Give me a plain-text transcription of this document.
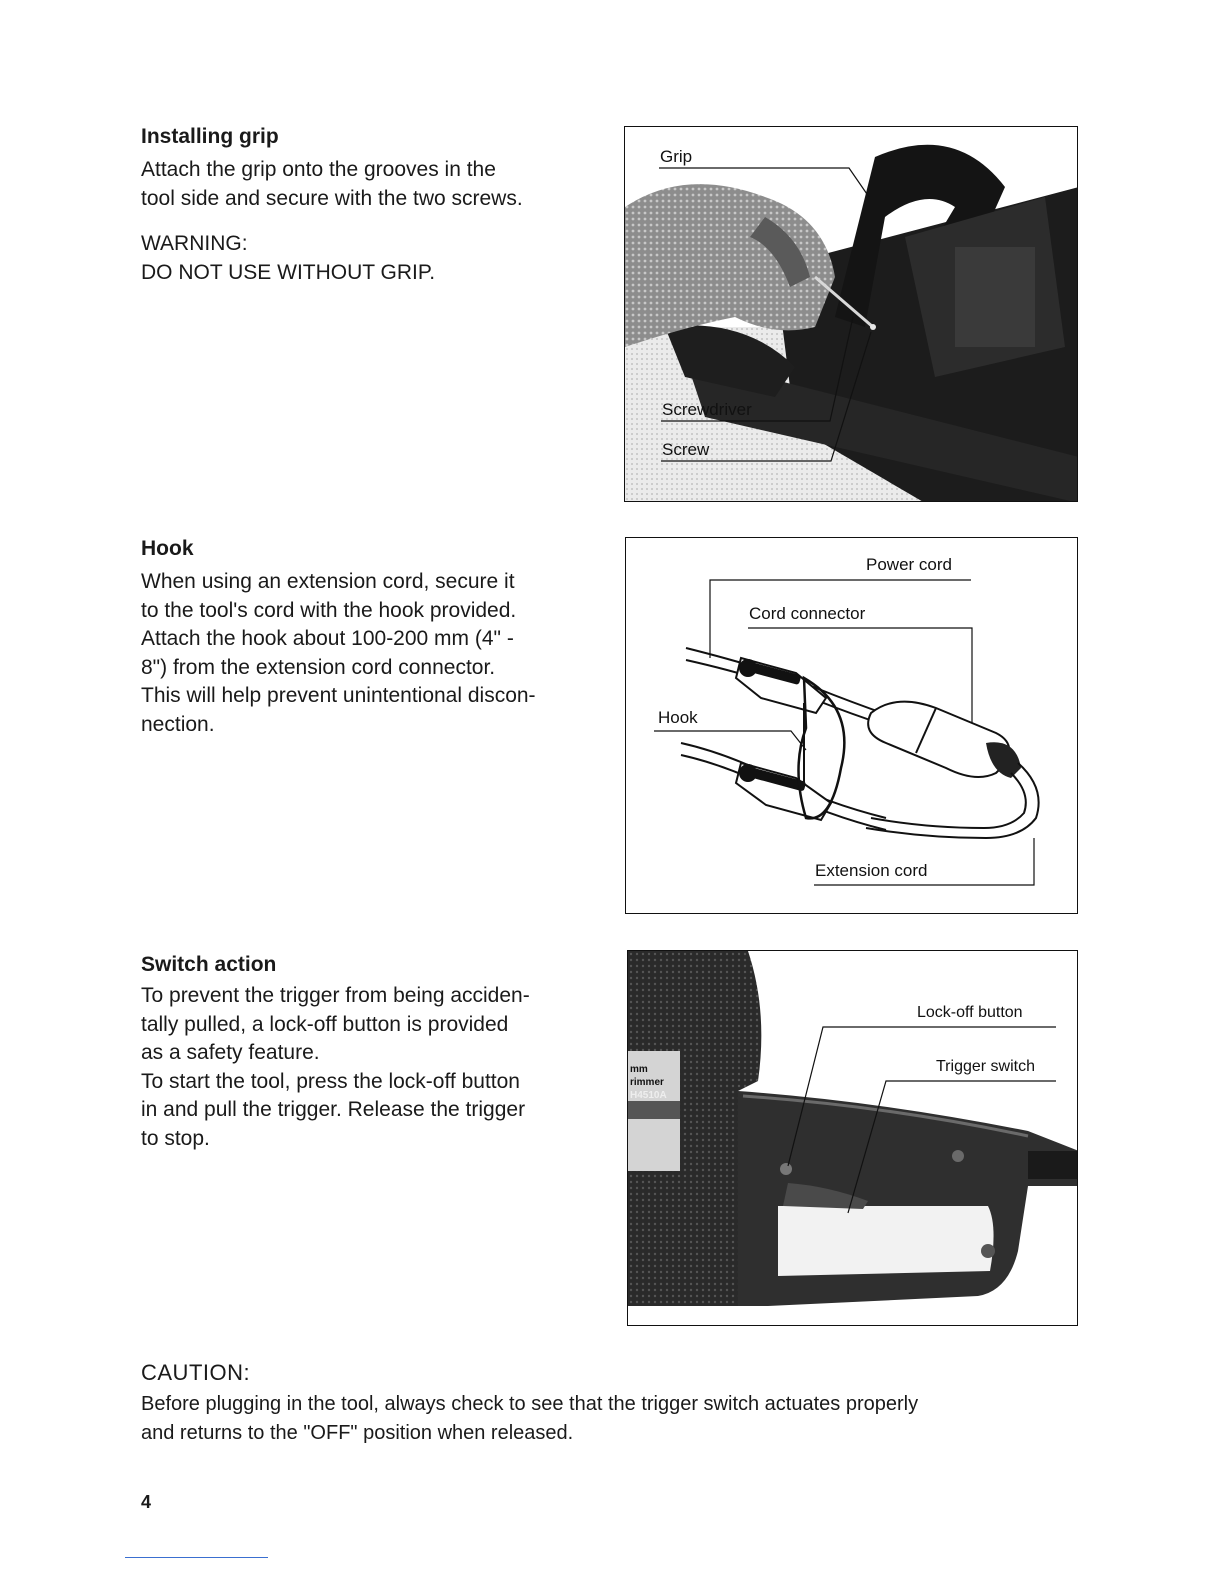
Installing grip
Attach the grip onto the grooves in the
tool side and secure with the two screws.
WARNING:
DO NOT USE WITHOUT GRIP.
Grip
Screwdriver
Screw
Hook
When using an extension cord, secure it
to the tool's cord with the hook provided.
Attach the hook about 100-200 mm (4" -
8") from the extension cord connector.
This will help prevent unintentional discon-
nection.
Power cord
Cord connector
Hook
Extension cord
Switch action
To prevent the trigger from being acciden-
tally pulled, a lock-off button is provided
as a safety feature.
To start the tool, press the lock-off button
in and pull the trigger. Release the trigger
to stop.
mm
rimmer
H4510A
Lock-off button
Trigger switch
CAUTION:
Before plugging in the tool, always check to see that the trigger switch actuates properly
and returns to the "OFF" position when released.
4
